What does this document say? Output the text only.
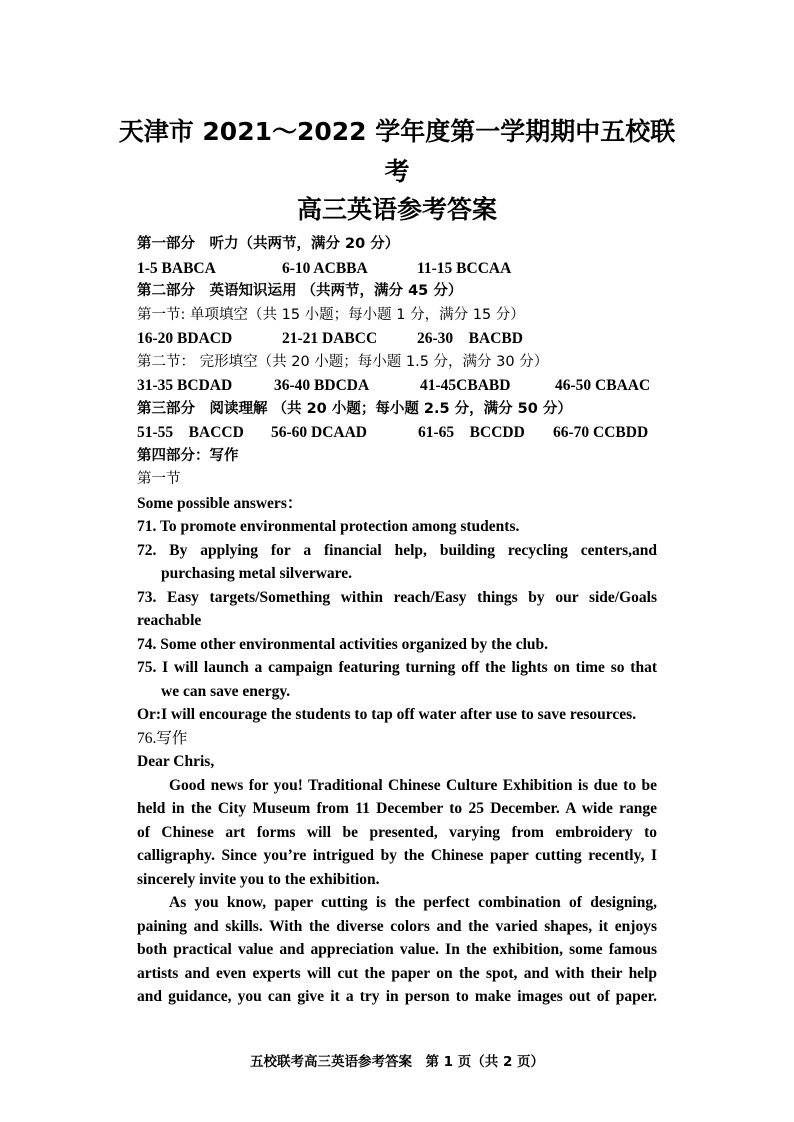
天津市 2021～2022 学年度第一学期期中五校联
考
高三英语参考答案
第一部分　听力（共两节，满分 20 分）
1-5 BABCA	6-10 ACBBA	11-15 BCCAA
第二部分　英语知识运用 （共两节，满分 45 分）
第一节: 单项填空（共 15 小题；每小题 1 分，满分 15 分）
16-20 BDACD	21-21 DABCC	26-30　BACBD
第二节： 完形填空（共 20 小题；每小题 1.5 分，满分 30 分）
31-35 BCDAD	36-40 BDCDA	41-45CBABD	46-50 CBAAC
第三部分　阅读理解 （共 20 小题；每小题 2.5 分，满分 50 分）
51-55　BACCD	56-60 DCAAD	61-65　BCCDD	66-70 CCBDD
第四部分：写作
第一节
Some possible answers：
71. To promote environmental protection among students.
72. By applying for a financial help, building recycling centers,and
purchasing metal silverware.
73. Easy targets/Something within reach/Easy things by our side/Goals
reachable
74. Some other environmental activities organized by the club.
75. I will launch a campaign featuring turning off the lights on time so that
we can save energy.
Or:I will encourage the students to tap off water after use to save resources.
76.写作
Dear Chris,
Good news for you! Traditional Chinese Culture Exhibition is due to be
held in the City Museum from 11 December to 25 December. A wide range
of Chinese art forms will be presented, varying from embroidery to
calligraphy. Since you’re intrigued by the Chinese paper cutting recently, I
sincerely invite you to the exhibition.
As you know, paper cutting is the perfect combination of designing,
paining and skills. With the diverse colors and the varied shapes, it enjoys
both practical value and appreciation value. In the exhibition, some famous
artists and even experts will cut the paper on the spot, and with their help
and guidance, you can give it a try in person to make images out of paper.
五校联考高三英语参考答案　第 1 页（共 2 页）
